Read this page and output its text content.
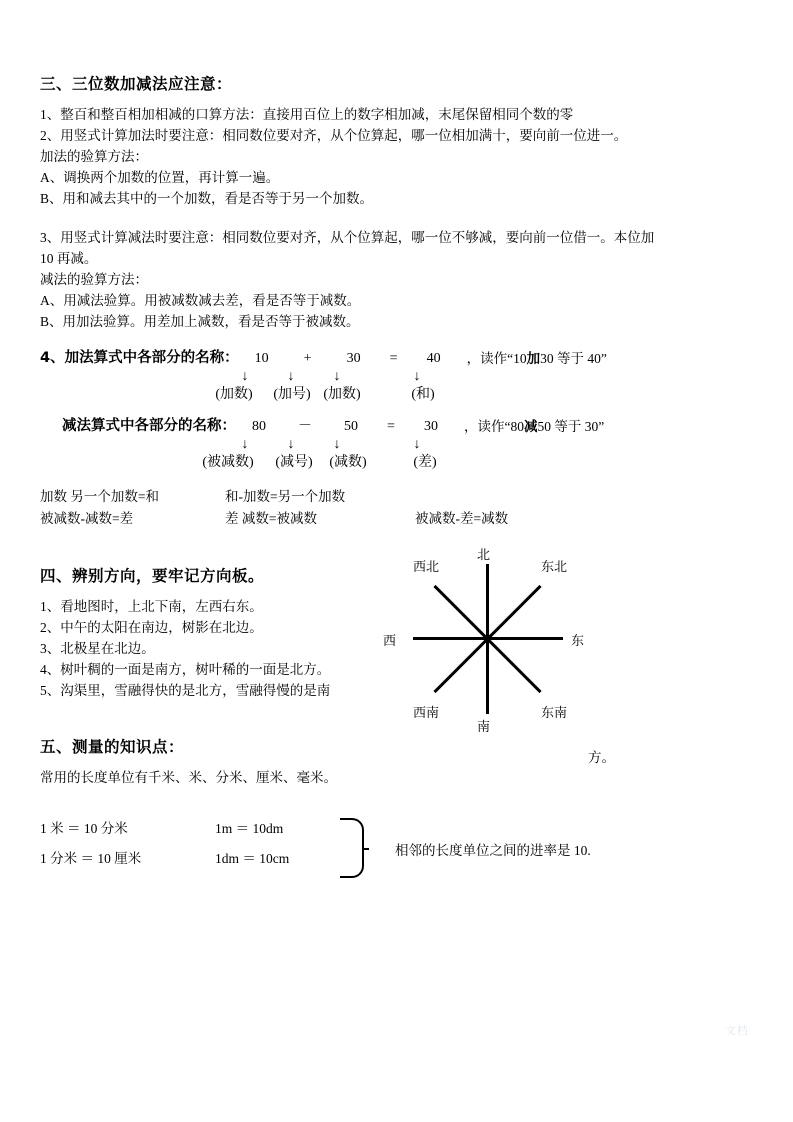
三、三位数加减法应注意：

1、整百和整百相加相减的口算方法：直接用百位上的数字相加减，末尾保留相同个数的零

2、用竖式计算加法时要注意：相同数位要对齐，从个位算起，哪一位相加满十，要向前一位进一。

加法的验算方法：

A、调换两个加数的位置，再计算一遍。

B、用和减去其中的一个加数，看是否等于另一个加数。

3、用竖式计算减法时要注意：相同数位要对齐，从个位算起，哪一位不够减，要向前一位借一。本位加

10 再减。

减法的验算方法：

A、用减法验算。用被减数减去差，看是否等于减数。

B、用加法验算。用差加上减数，看是否等于被减数。

4、加法算式中各部分的名称：	10	+	30	=	40	，读作“10加30 等于 40”
↓	↓	↓	↓
(加数)	(加号) (加数)	(和)
减法算式中各部分的名称：	80	－	50	=	30	，读作“80减50 等于 30”
↓	↓	↓	↓
(被减数)	(减号)	(减数)	(差)
加数 另一个加数=和	和-加数=另一个加数
被减数-减数=差	差 减数=被减数	被减数-差=减数
四、辨别方向，要牢记方向板。

1、看地图时，上北下南，左西右东。

2、中午的太阳在南边，树影在北边。

3、北极星在北边。

4、树叶稠的一面是南方，树叶稀的一面是北方。

5、沟渠里，雪融得快的是北方，雪融得慢的是南

北
南
西	东
西北	东北
西南	东南
方。
五、测量的知识点：

常用的长度单位有千米、米、分米、厘米、毫米。

1 米 ＝ 10 分米	1m ＝ 10dm
1 分米 ＝ 10 厘米	1dm ＝ 10cm
相邻的长度单位之间的进率是 10.
文档
